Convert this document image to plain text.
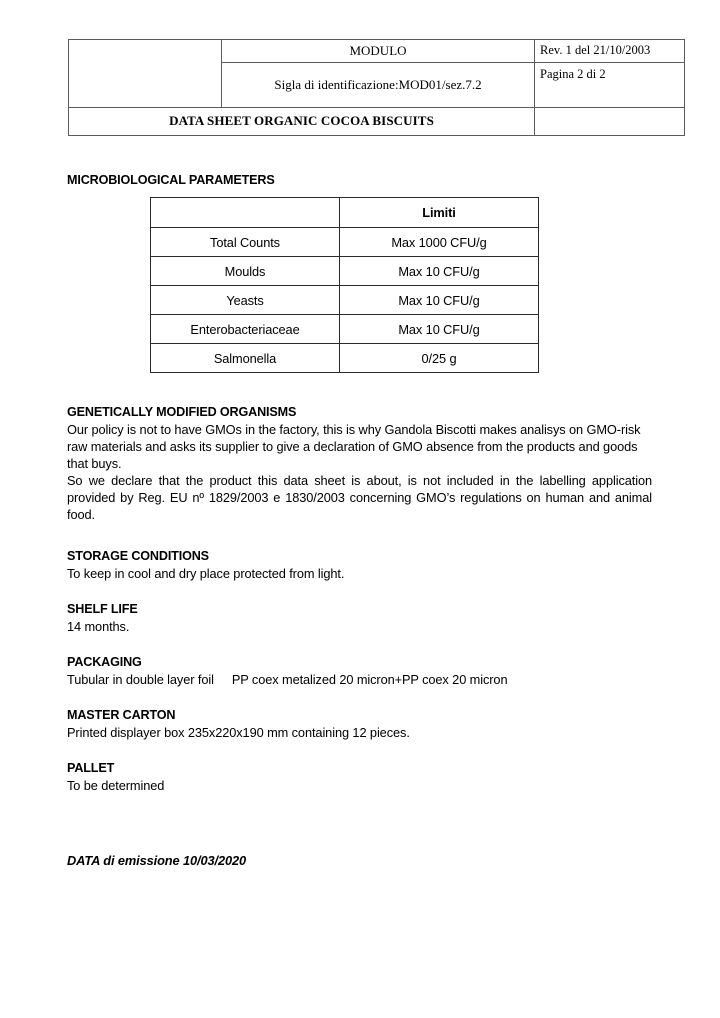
	MODULO	Rev. 1 del 21/10/2003
	Sigla di identificazione:MOD01/sez.7.2	Pagina 2 di 2
DATA SHEET ORGANIC COCOA BISCUITS		
MICROBIOLOGICAL PARAMETERS
	Limiti
Total Counts	Max 1000 CFU/g
Moulds	Max 10 CFU/g
Yeasts	Max 10 CFU/g
Enterobacteriaceae	Max 10 CFU/g
Salmonella	0/25 g
GENETICALLY MODIFIED ORGANISMS
Our policy is not to have GMOs in the factory, this is why Gandola Biscotti makes analisys on GMO-risk raw materials and asks its supplier to give a declaration of GMO absence from the products and goods that buys.
So we declare that the product this data sheet is about, is not included in the labelling application provided by Reg. EU nº 1829/2003 e 1830/2003 concerning GMO’s regulations on human and animal food.
STORAGE CONDITIONS
To keep in cool and dry place protected from light.
SHELF LIFE
14 months.
PACKAGING
Tubular in double layer foil PP coex metalized 20 micron+PP coex 20 micron
MASTER CARTON
Printed displayer box 235x220x190 mm containing 12 pieces.
PALLET
To be determined
DATA di emissione 10/03/2020
